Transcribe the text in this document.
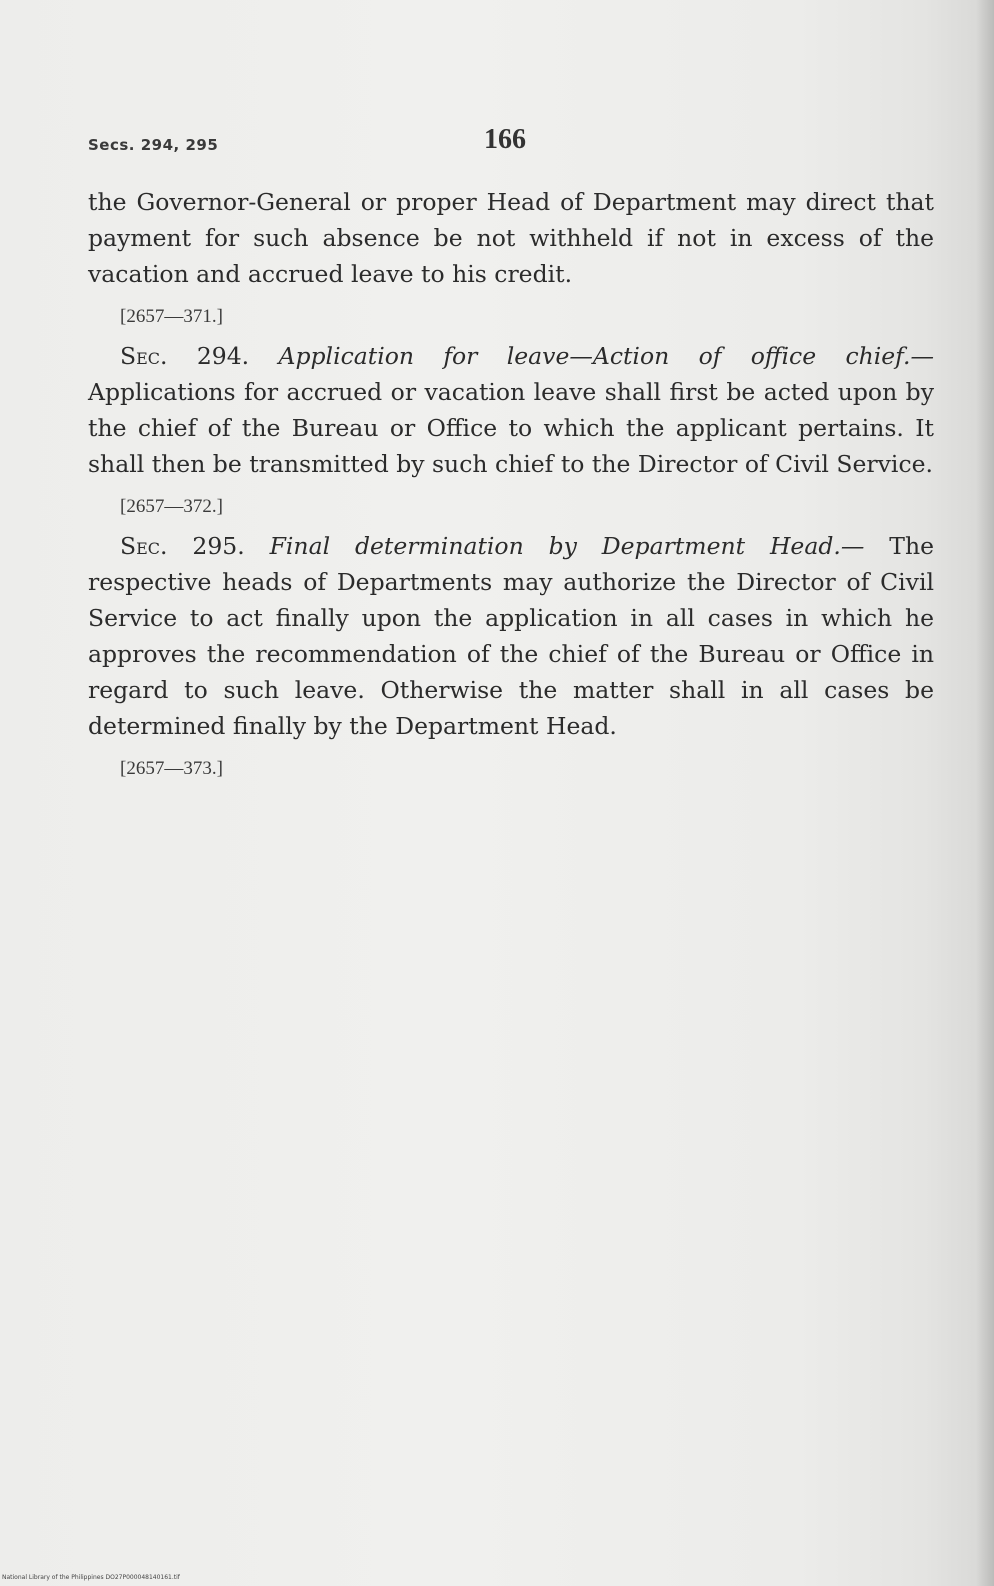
Secs. 294, 295	166

the Governor-General or proper Head of Department may direct that payment for such absence be not withheld if not in excess of the vacation and accrued leave to his credit.

[2657—371.]

Sec. 294. Application for leave—Action of office chief.— Applications for accrued or vacation leave shall first be acted upon by the chief of the Bureau or Office to which the applicant pertains. It shall then be transmitted by such chief to the Director of Civil Service.

[2657—372.]

Sec. 295. Final determination by Department Head.— The respective heads of Departments may authorize the Director of Civil Service to act finally upon the application in all cases in which he approves the recommendation of the chief of the Bureau or Office in regard to such leave. Otherwise the matter shall in all cases be determined finally by the Department Head.

[2657—373.]

National Library of the Philippines DO27P000048140161.tif
